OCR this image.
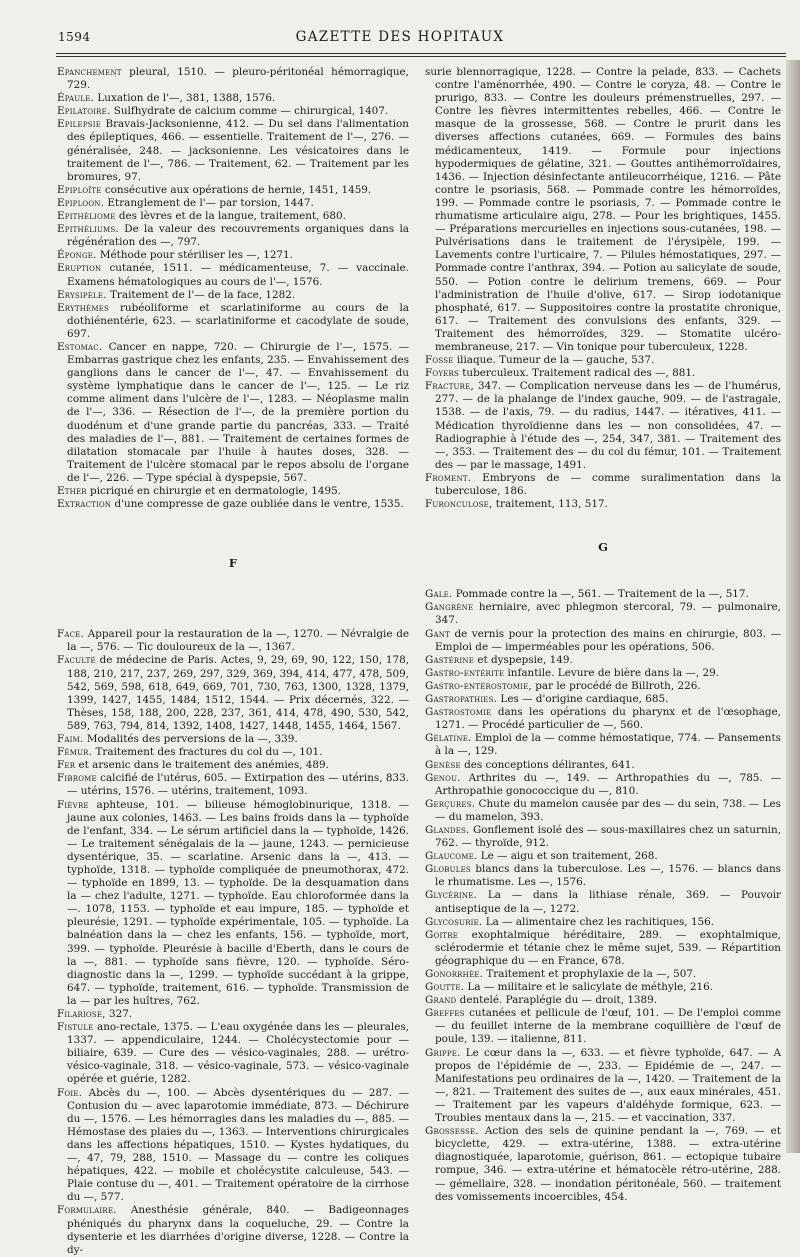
1594	GAZETTE DES HOPITAUX

Epanchement pleural, 1510. — pleuro-péritonéal hémorragique, 729.

Épaule. Luxation de l'—, 381, 1388, 1576.

Epilatoire. Sulfhydrate de calcium comme — chirurgical, 1407.

Epilepsie Bravais-Jacksonienne, 412. — Du sel dans l'alimentation des épileptiques, 466. — essentielle. Traitement de l'—, 276. — généralisée, 248. — jacksonienne. Les vésicatoires dans le traitement de l'—, 786. — Traitement, 62. — Traitement par les bromures, 97.

Epiploïte consécutive aux opérations de hernie, 1451, 1459.

Epiploon. Etranglement de l'— par torsion, 1447.

Epithéliome des lèvres et de la langue, traitement, 680.

Epithéliums. De la valeur des recouvrements organiques dans la régénération des —, 797.

Éponge. Méthode pour stériliser les —, 1271.

Eruption cutanée, 1511. — médicamenteuse, 7. — vaccinale. Examens hématologiques au cours de l'—, 1576.

Erysipèle. Traitement de l'— de la face, 1282.

Erythèmes rubéoliforme et scarlatiniforme au cours de la dothiénentérie, 623. — scarlatiniforme et cacodylate de soude, 697.

Estomac. Cancer en nappe, 720. — Chirurgie de l'—, 1575. — Embarras gastrique chez les enfants, 235. — Envahissement des ganglions dans le cancer de l'—, 47. — Envahissement du système lymphatique dans le cancer de l'—, 125. — Le riz comme aliment dans l'ulcère de l'—, 1283. — Néoplasme malin de l'—, 336. — Résection de l'—, de la première portion du duodénum et d'une grande partie du pancréas, 333. — Traité des maladies de l'—, 881. — Traitement de certaines formes de dilatation stomacale par l'huile à hautes doses, 328. — Traitement de l'ulcère stomacal par le repos absolu de l'organe de l'—, 226. — Type spécial à dyspepsie, 567.

Ether picriqué en chirurgie et en dermatologie, 1495.

Extraction d'une compresse de gaze oubliée dans le ventre, 1535.

F

Face. Appareil pour la restauration de la —, 1270. — Névralgie de la —, 576. — Tic douloureux de la —, 1367.

Faculté de médecine de Paris. Actes, 9, 29, 69, 90, 122, 150, 178, 188, 210, 217, 237, 269, 297, 329, 369, 394, 414, 477, 478, 509, 542, 569, 598, 618, 649, 669, 701, 730, 763, 1300, 1328, 1379, 1399, 1427, 1455, 1484, 1512, 1544. — Prix décernés, 322. — Thèses, 158, 188, 200, 228, 237, 361, 414, 478, 490, 530, 542, 589, 763, 794, 814, 1392, 1408, 1427, 1448, 1455, 1464, 1567.

Faim. Modalités des perversions de la —, 339.

Fémur. Traitement des fractures du col du —, 101.

Fer et arsenic dans le traitement des anémies, 489.

Fibrome calcifié de l'utérus, 605. — Extirpation des — utérins, 833. — utérins, 1576. — utérins, traitement, 1093.

Fièvre aphteuse, 101. — bilieuse hémoglobinurique, 1318. — jaune aux colonies, 1463. — Les bains froids dans la — typhoïde de l'enfant, 334. — Le sérum artificiel dans la — typhoïde, 1426. — Le traitement sénégalais de la — jaune, 1243. — pernicieuse dysentérique, 35. — scarlatine. Arsenic dans la —, 413. — typhoïde, 1318. — typhoïde compliquée de pneumothorax, 472. — typhoïde en 1899, 13. — typhoïde. De la desquamation dans la — chez l'adulte, 1271. — typhoïde. Eau chloroformée dans la —. 1078, 1153. — typhoïde et eau impure, 185. — typhoïde et pleurésie, 1291. — typhoïde expérimentale, 105. — typhoïde. La balnéation dans la — chez les enfants, 156. — typhoïde, mort, 399. — typhoïde. Pleurésie à bacille d'Eberth, dans le cours de la —, 881. — typhoïde sans fièvre, 120. — typhoïde. Séro-diagnostic dans la —, 1299. — typhoïde succédant à la grippe, 647. — typhoïde, traitement, 616. — typhoïde. Transmission de la — par les huîtres, 762.

Filariose, 327.

Fistule ano-rectale, 1375. — L'eau oxygénée dans les — pleurales, 1337. — appendiculaire, 1244. — Cholécystectomie pour — biliaire, 639. — Cure des — vésico-vaginales, 288. — urétro-vésico-vaginale, 318. — vésico-vaginale, 573. — vésico-vaginale opérée et guérie, 1282.

Foie. Abcès du —, 100. — Abcès dysentériques du — 287. — Contusion du — avec laparotomie immédiate, 873. — Déchirure du —, 1576. — Les hémorragies dans les maladies du —, 885. — Hémostase des plaies du —, 1363. — Interventions chirurgicales dans les affections hépatiques, 1510. — Kystes hydatiques, du —, 47, 79, 288, 1510. — Massage du — contre les coliques hépatiques, 422. — mobile et cholécystite calculeuse, 543. — Plaie contuse du —, 401. — Traitement opératoire de la cirrhose du —, 577.

Formulaire. Anesthésie générale, 840. — Badigeonnages phéniqués du pharynx dans la coqueluche, 29. — Contre la dysenterie et les diarrhées d'origine diverse, 1228. — Contre la dy-

surie blennorragique, 1228. — Contre la pelade, 833. — Cachets contre l'aménorrhée, 490. — Contre le coryza, 48. — Contre le prurigo, 833. — Contre les douleurs prémenstruelles, 297. — Contre les fièvres intermittentes rebelles, 466. — Contre le masque de la grossesse, 568. — Contre le prurit dans les diverses affections cutanées, 669. — Formules des bains médicamenteux, 1419. — Formule pour injections hypodermiques de gélatine, 321. — Gouttes antihémorroïdaires, 1436. — Injection désinfectante antileucorrhéique, 1216. — Pâte contre le psoriasis, 568. — Pommade contre les hémorroïdes, 199. — Pommade contre le psoriasis, 7. — Pommade contre le rhumatisme articulaire aigu, 278. — Pour les brightiques, 1455. — Préparations mercurielles en injections sous-cutanées, 198. — Pulvérisations dans le traitement de l'érysipèle, 199. — Lavements contre l'urticaire, 7. — Pilules hémostatiques, 297. — Pommade contre l'anthrax, 394. — Potion au salicylate de soude, 550. — Potion contre le delirium tremens, 669. — Pour l'administration de l'huile d'olive, 617. — Sirop iodotanique phosphaté, 617. — Suppositoires contre la prostatite chronique, 617. — Traitement des convulsions des enfants, 329. — Traitement des hémorroïdes, 329. — Stomatite ulcéro-membraneuse, 217. — Vin tonique pour tuberculeux, 1228.

Fosse iliaque. Tumeur de la — gauche, 537.

Foyers tuberculeux. Traitement radical des —, 881.

Fracture, 347. — Complication nerveuse dans les — de l'humérus, 277. — de la phalange de l'index gauche, 909. — de l'astragale, 1538. — de l'axis, 79. — du radius, 1447. — itératives, 411. — Médication thyroïdienne dans les — non consolidées, 47. — Radiographie à l'étude des —, 254, 347, 381. — Traitement des —, 353. — Traitement des — du col du fémur, 101. — Traitement des — par le massage, 1491.

Froment. Embryons de — comme suralimentation dans la tuberculose, 186.

Furonculose, traitement, 113, 517.

G

Gale. Pommade contre la —, 561. — Traitement de la —, 517.

Gangrène herniaire, avec phlegmon stercoral, 79. — pulmonaire, 347.

Gant de vernis pour la protection des mains en chirurgie, 803. — Emploi de — imperméables pour les opérations, 506.

Gastérine et dyspepsie, 149.

Gastro-entérite infantile. Levure de bière dans la —, 29.

Gastro-entérostomie, par le procédé de Billroth, 226.

Gastropathies. Les — d'origine cardiaque, 685.

Gastrostomie dans les opérations du pharynx et de l'œsophage, 1271. — Procédé particulier de —, 560.

Gélatine. Emploi de la — comme hémostatique, 774. — Pansements à la —, 129.

Genèse des conceptions délirantes, 641.

Genou. Arthrites du —, 149. — Arthropathies du —, 785. — Arthropathie gonococcique du —, 810.

Gerçures. Chute du mamelon causée par des — du sein, 738. — Les — du mamelon, 393.

Glandes. Gonflement isolé des — sous-maxillaires chez un saturnin, 762. — thyroïde, 912.

Glaucome. Le — aigu et son traitement, 268.

Globules blancs dans la tuberculose. Les —, 1576. — blancs dans le rhumatisme. Les —, 1576.

Glycérine. La — dans la lithiase rénale, 369. — Pouvoir antiseptique de la —, 1272.

Glycosurie. La — alimentaire chez les rachitiques, 156.

Goitre exophtalmique héréditaire, 289. — exophtalmique, sclérodermie et tétanie chez le même sujet, 539. — Répartition géographique du — en France, 678.

Gonorrhée. Traitement et prophylaxie de la —, 507.

Goutte. La — militaire et le salicylate de méthyle, 216.

Grand dentelé. Paraplégie du — droit, 1389.

Greffes cutanées et pellicule de l'œuf, 101. — De l'emploi comme — du feuillet interne de la membrane coquillière de l'œuf de poule, 139. — italienne, 811.

Grippe. Le cœur dans la —, 633. — et fièvre typhoïde, 647. — A propos de l'épidémie de —, 233. — Epidémie de —, 247. — Manifestations peu ordinaires de la —, 1420. — Traitement de la —, 821. — Traitement des suites de —, aux eaux minérales, 451. — Traitement par les vapeurs d'aldéhyde formique, 623. — Troubles mentaux dans la —, 215. — et vaccination, 337.

Grossesse. Action des sels de quinine pendant la —, 769. — et bicyclette, 429. — extra-utérine, 1388. — extra-utérine diagnostiquée, laparotomie, guérison, 861. — ectopique tubaire rompue, 346. — extra-utérine et hématocèle rétro-utérine, 288. — gémellaire, 328. — inondation péritonéale, 560. — traitement des vomissements incoercibles, 454.
